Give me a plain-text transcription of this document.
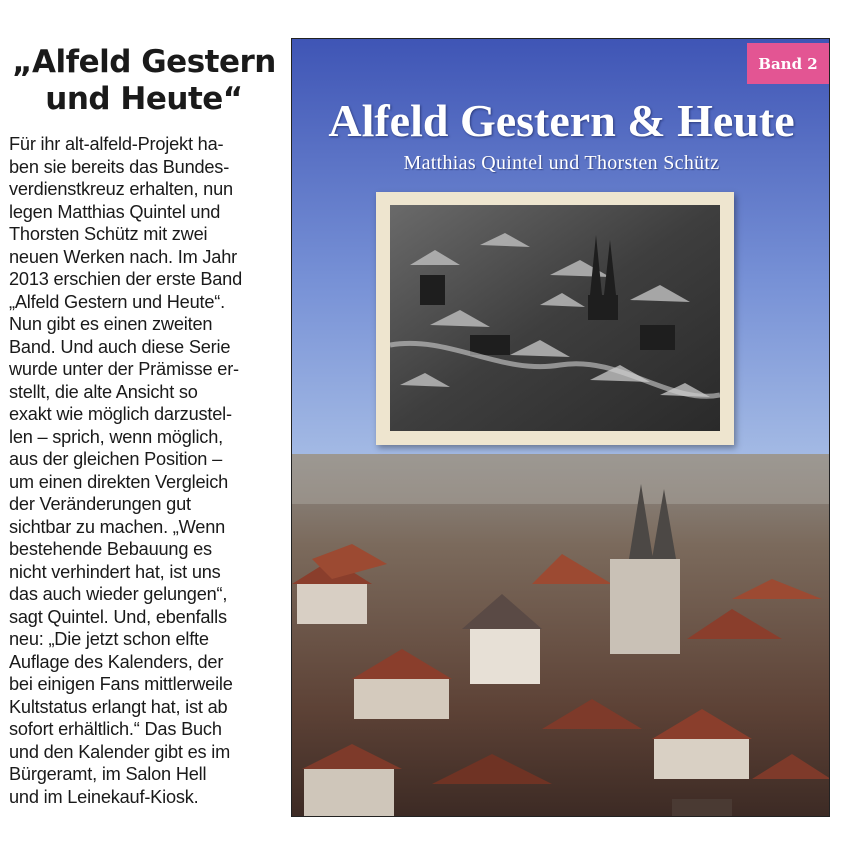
„Alfeld Gestern
und Heute“
Für ihr alt-alfeld-Projekt ha-
ben sie bereits das Bundes-
verdienstkreuz erhalten, nun
legen Matthias Quintel und
Thorsten Schütz mit zwei
neuen Werken nach. Im Jahr
2013 erschien der erste Band
„Alfeld Gestern und Heute“.
Nun gibt es einen zweiten
Band. Und auch diese Serie
wurde unter der Prämisse er-
stellt, die alte Ansicht so
exakt wie möglich darzustel-
len – sprich, wenn möglich,
aus der gleichen Position –
um einen direkten Vergleich
der Veränderungen gut
sichtbar zu machen. „Wenn
bestehende Bebauung es
nicht verhindert hat, ist uns
das auch wieder gelungen“,
sagt Quintel. Und, ebenfalls
neu: „Die jetzt schon elfte
Auflage des Kalenders, der
bei einigen Fans mittlerweile
Kultstatus erlangt hat, ist ab
sofort erhältlich.“ Das Buch
und den Kalender gibt es im
Bürgeramt, im Salon Hell
und im Leinekauf-Kiosk.
Band 2
Alfeld Gestern & Heute
Matthias Quintel und Thorsten Schütz
